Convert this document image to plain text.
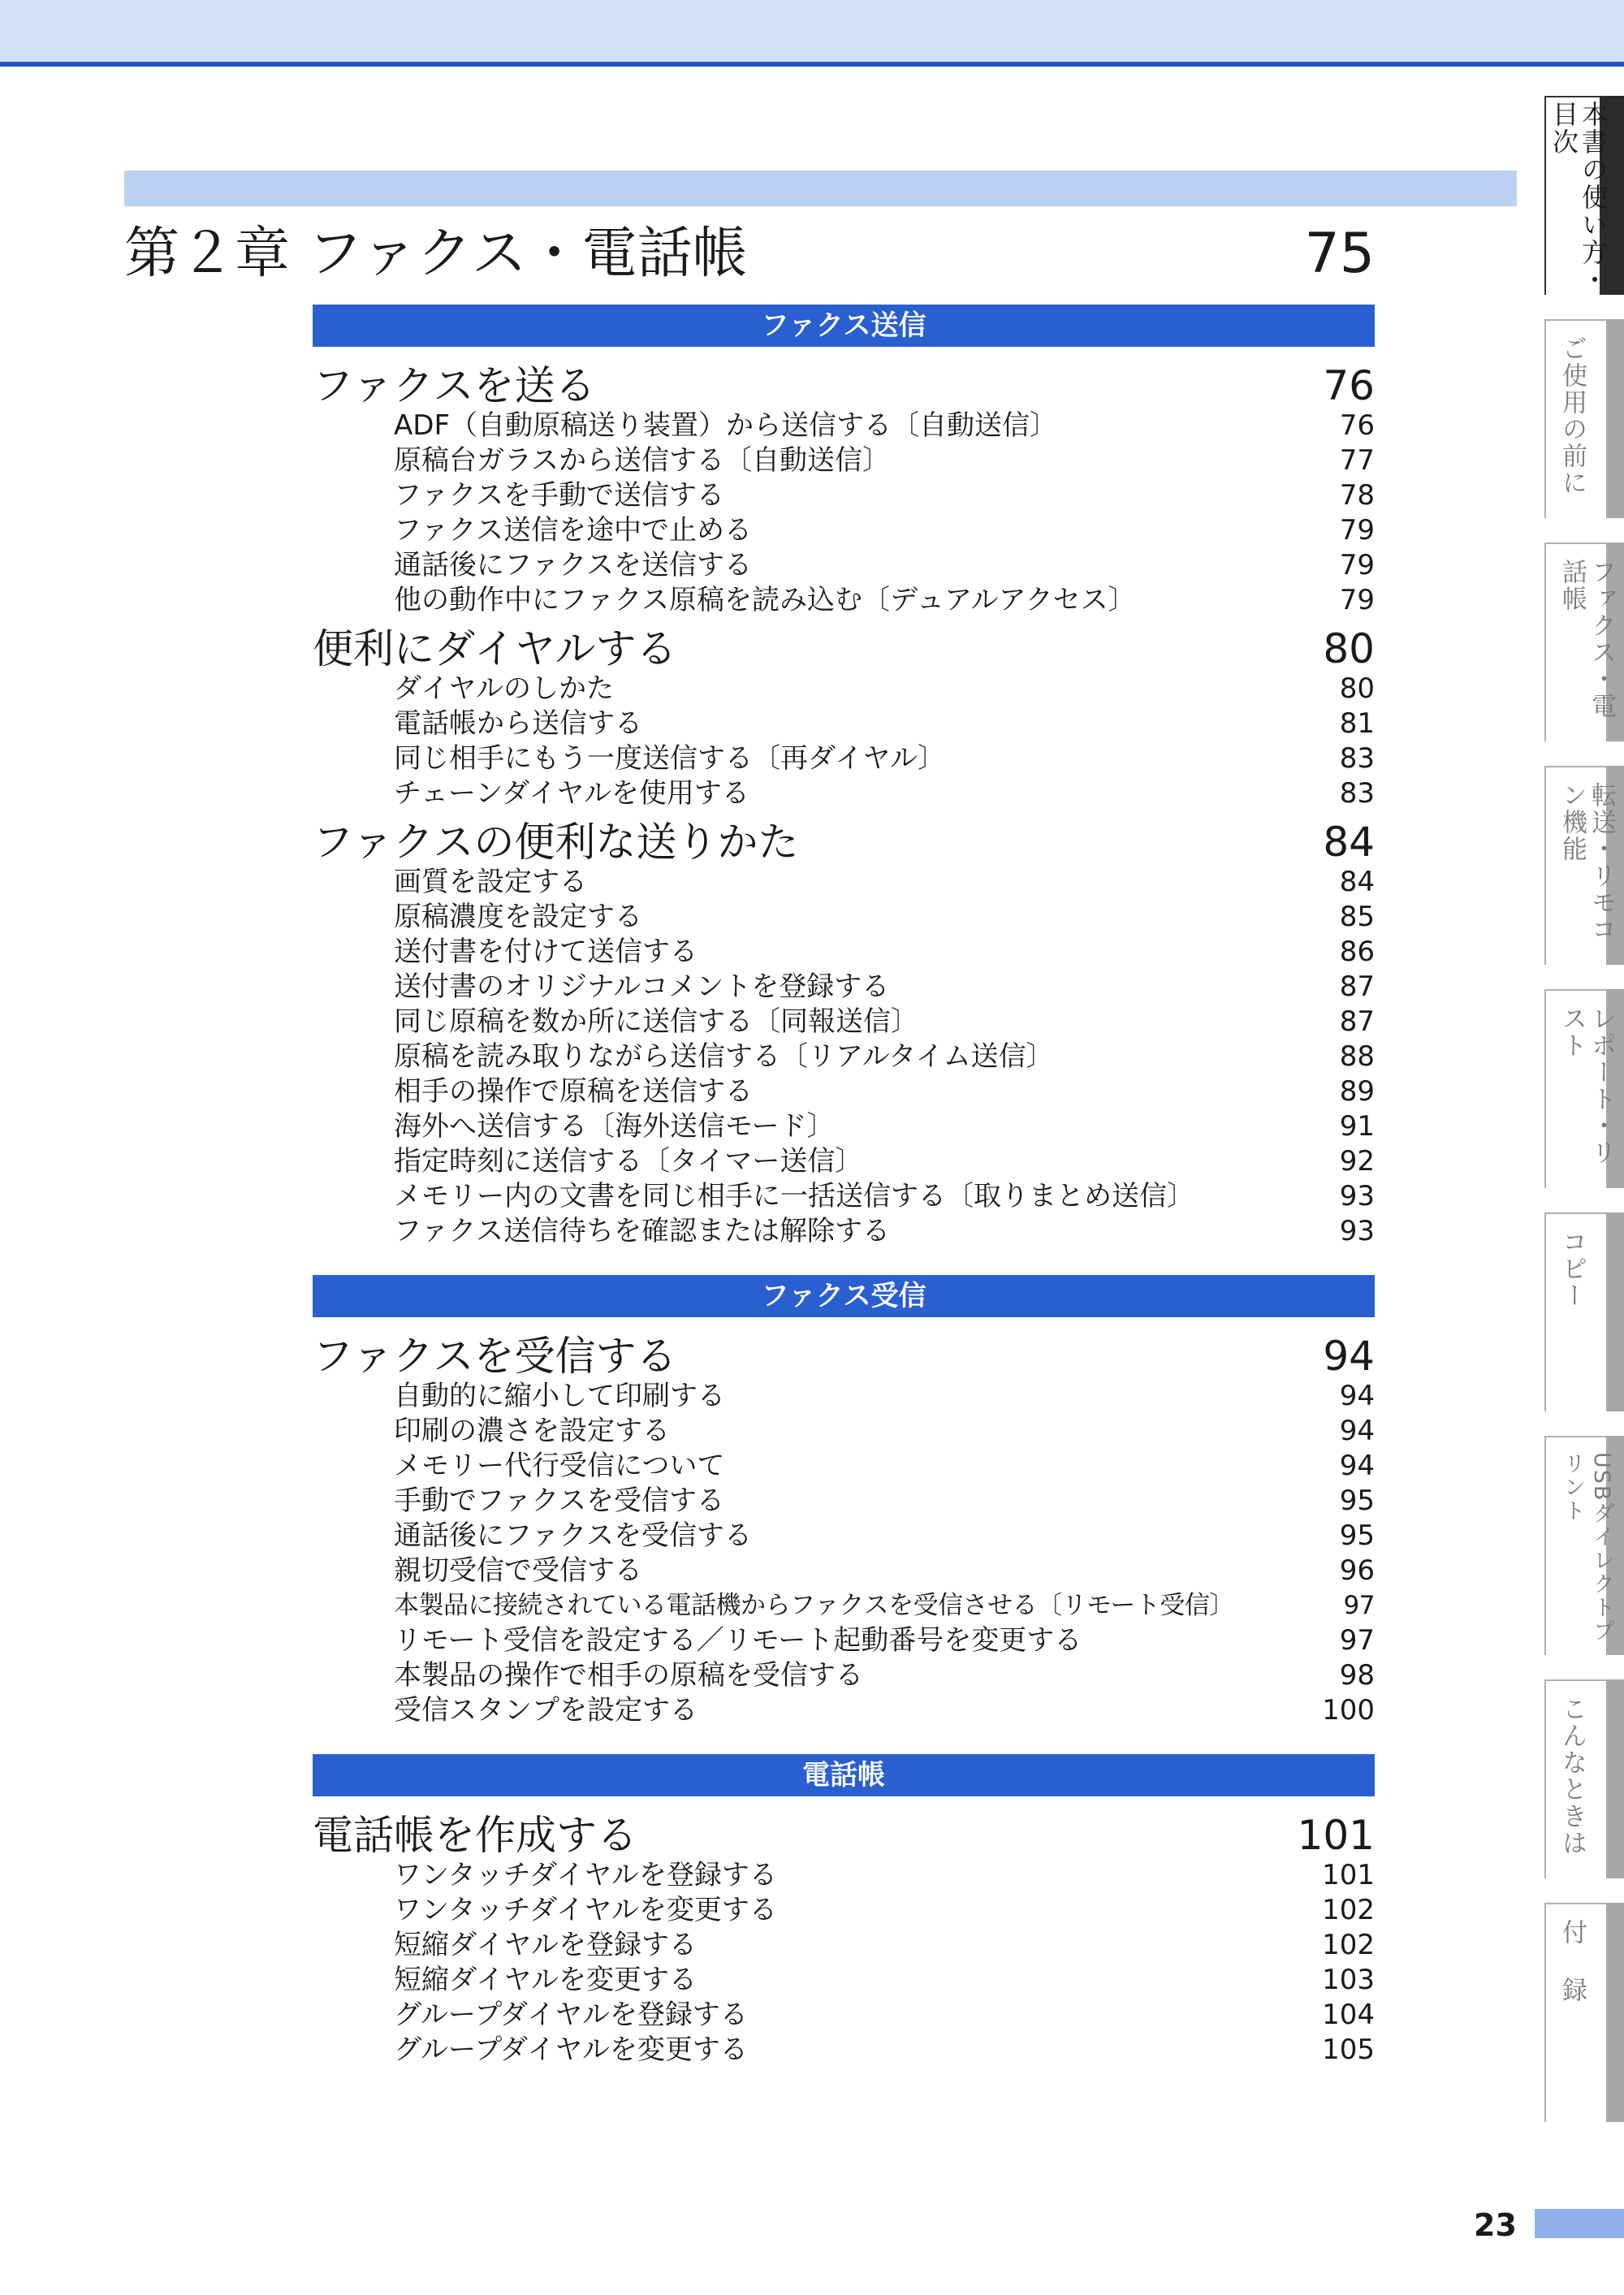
第２章 ファクス・電話帳 .....	75
ファクス送信
ファクスを送る .....	76
ADF（自動原稿送り装置）から送信する〔自動送信〕 .....	76
原稿台ガラスから送信する〔自動送信〕 .....	77
ファクスを手動で送信する .....	78
ファクス送信を途中で止める .....	79
通話後にファクスを送信する .....	79
他の動作中にファクス原稿を読み込む〔デュアルアクセス〕 .....	79
便利にダイヤルする .....	80
ダイヤルのしかた .....	80
電話帳から送信する .....	81
同じ相手にもう一度送信する〔再ダイヤル〕 .....	83
チェーンダイヤルを使用する .....	83
ファクスの便利な送りかた .....	84
画質を設定する .....	84
原稿濃度を設定する .....	85
送付書を付けて送信する .....	86
送付書のオリジナルコメントを登録する .....	87
同じ原稿を数か所に送信する〔同報送信〕 .....	87
原稿を読み取りながら送信する〔リアルタイム送信〕 .....	88
相手の操作で原稿を送信する .....	89
海外へ送信する〔海外送信モード〕 .....	91
指定時刻に送信する〔タイマー送信〕 .....	92
メモリー内の文書を同じ相手に一括送信する〔取りまとめ送信〕 .....	93
ファクス送信待ちを確認または解除する .....	93
ファクス受信
ファクスを受信する .....	94
自動的に縮小して印刷する .....	94
印刷の濃さを設定する .....	94
メモリー代行受信について .....	94
手動でファクスを受信する .....	95
通話後にファクスを受信する .....	95
親切受信で受信する .....	96
本製品に接続されている電話機からファクスを受信させる〔リモート受信〕 .....	97
リモート受信を設定する／リモート起動番号を変更する .....	97
本製品の操作で相手の原稿を受信する .....	98
受信スタンプを設定する .....	100
電話帳
電話帳を作成する .....	101
ワンタッチダイヤルを登録する .....	101
ワンタッチダイヤルを変更する .....	102
短縮ダイヤルを登録する .....	102
短縮ダイヤルを変更する .....	103
グループダイヤルを登録する .....	104
グループダイヤルを変更する .....	105
本書の使い方・目次
ご使用の前に
ファクス・電話帳
転送・リモコン機能
レポート・リスト
コピー
USBダイレクトプリント
こんなときは
付録
23
